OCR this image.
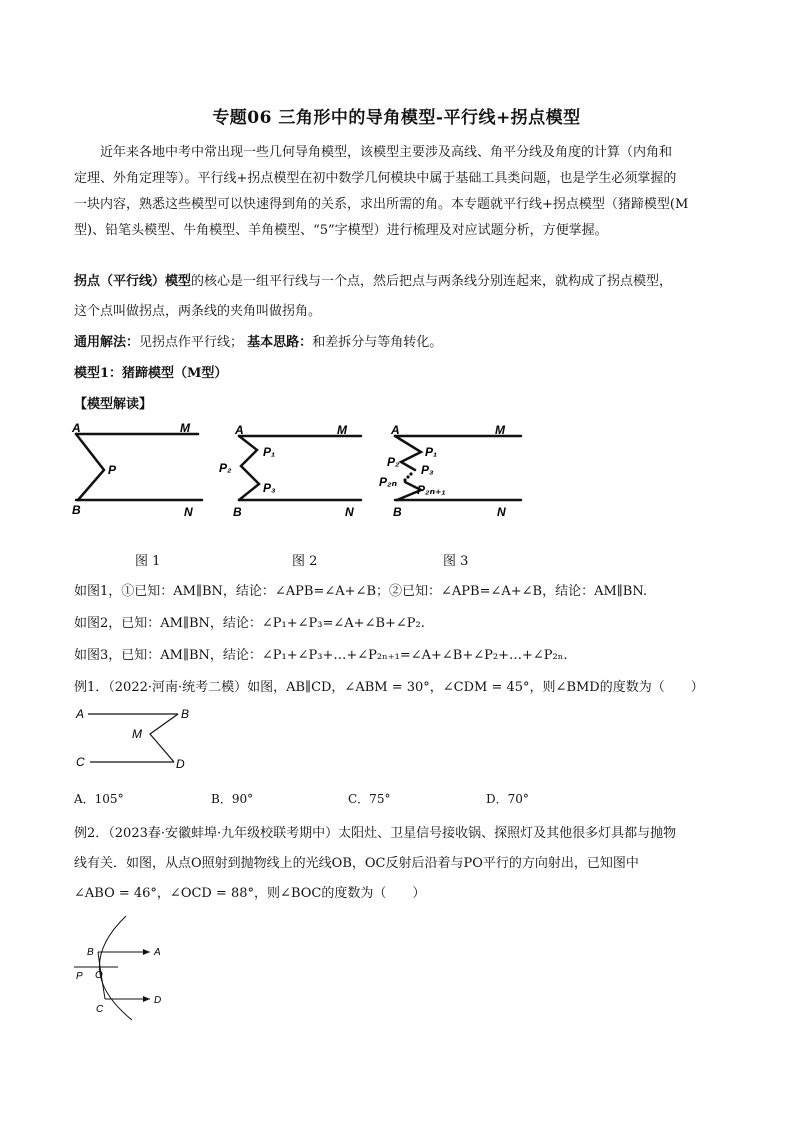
专题06 三角形中的导角模型-平行线+拐点模型
近年来各地中考中常出现一些几何导角模型，该模型主要涉及高线、角平分线及角度的计算（内角和
定理、外角定理等）。平行线+拐点模型在初中数学几何模块中属于基础工具类问题，也是学生必须掌握的
一块内容，熟悉这些模型可以快速得到角的关系，求出所需的角。本专题就平行线+拐点模型（猪蹄模型(M
型)、铅笔头模型、牛角模型、羊角模型、“5”字模型）进行梳理及对应试题分析，方便掌握。
拐点（平行线）模型的核心是一组平行线与一个点，然后把点与两条线分别连起来，就构成了拐点模型，
这个点叫做拐点，两条线的夹角叫做拐角。
通用解法：见拐点作平行线； 基本思路：和差拆分与等角转化。
模型1：猪蹄模型（M型）
【模型解读】
A	M
P
B	N
A	M
P₁
P₂
P₃
B	N
A	M
P₁
P₂
P₃
P₂ₙ
P₂ₙ₊₁
B	N
图 1	图 2	图 3
如图1，①已知：AM∥BN，结论：∠APB=∠A+∠B；②已知：∠APB=∠A+∠B，结论：AM∥BN.
如图2，已知：AM∥BN，结论：∠P₁+∠P₃=∠A+∠B+∠P₂.
如图3，已知：AM∥BN，结论：∠P₁+∠P₃+…+∠P₂ₙ₊₁=∠A+∠B+∠P₂+…+∠P₂ₙ.
例1．（2022·河南·统考二模）如图，AB∥CD，∠ABM = 30°，∠CDM = 45°，则∠BMD的度数为（　　）
A	B
M
C	D
A．105°	B．90°	C．75°	D．70°
例2．（2023春·安徽蚌埠·九年级校联考期中）太阳灶、卫星信号接收锅、探照灯及其他很多灯具都与抛物
线有关．如图，从点O照射到抛物线上的光线OB，OC反射后沿着与PO平行的方向射出，已知图中
∠ABO = 46°，∠OCD = 88°，则∠BOC的度数为（　　）
B	A
P O
C
D
